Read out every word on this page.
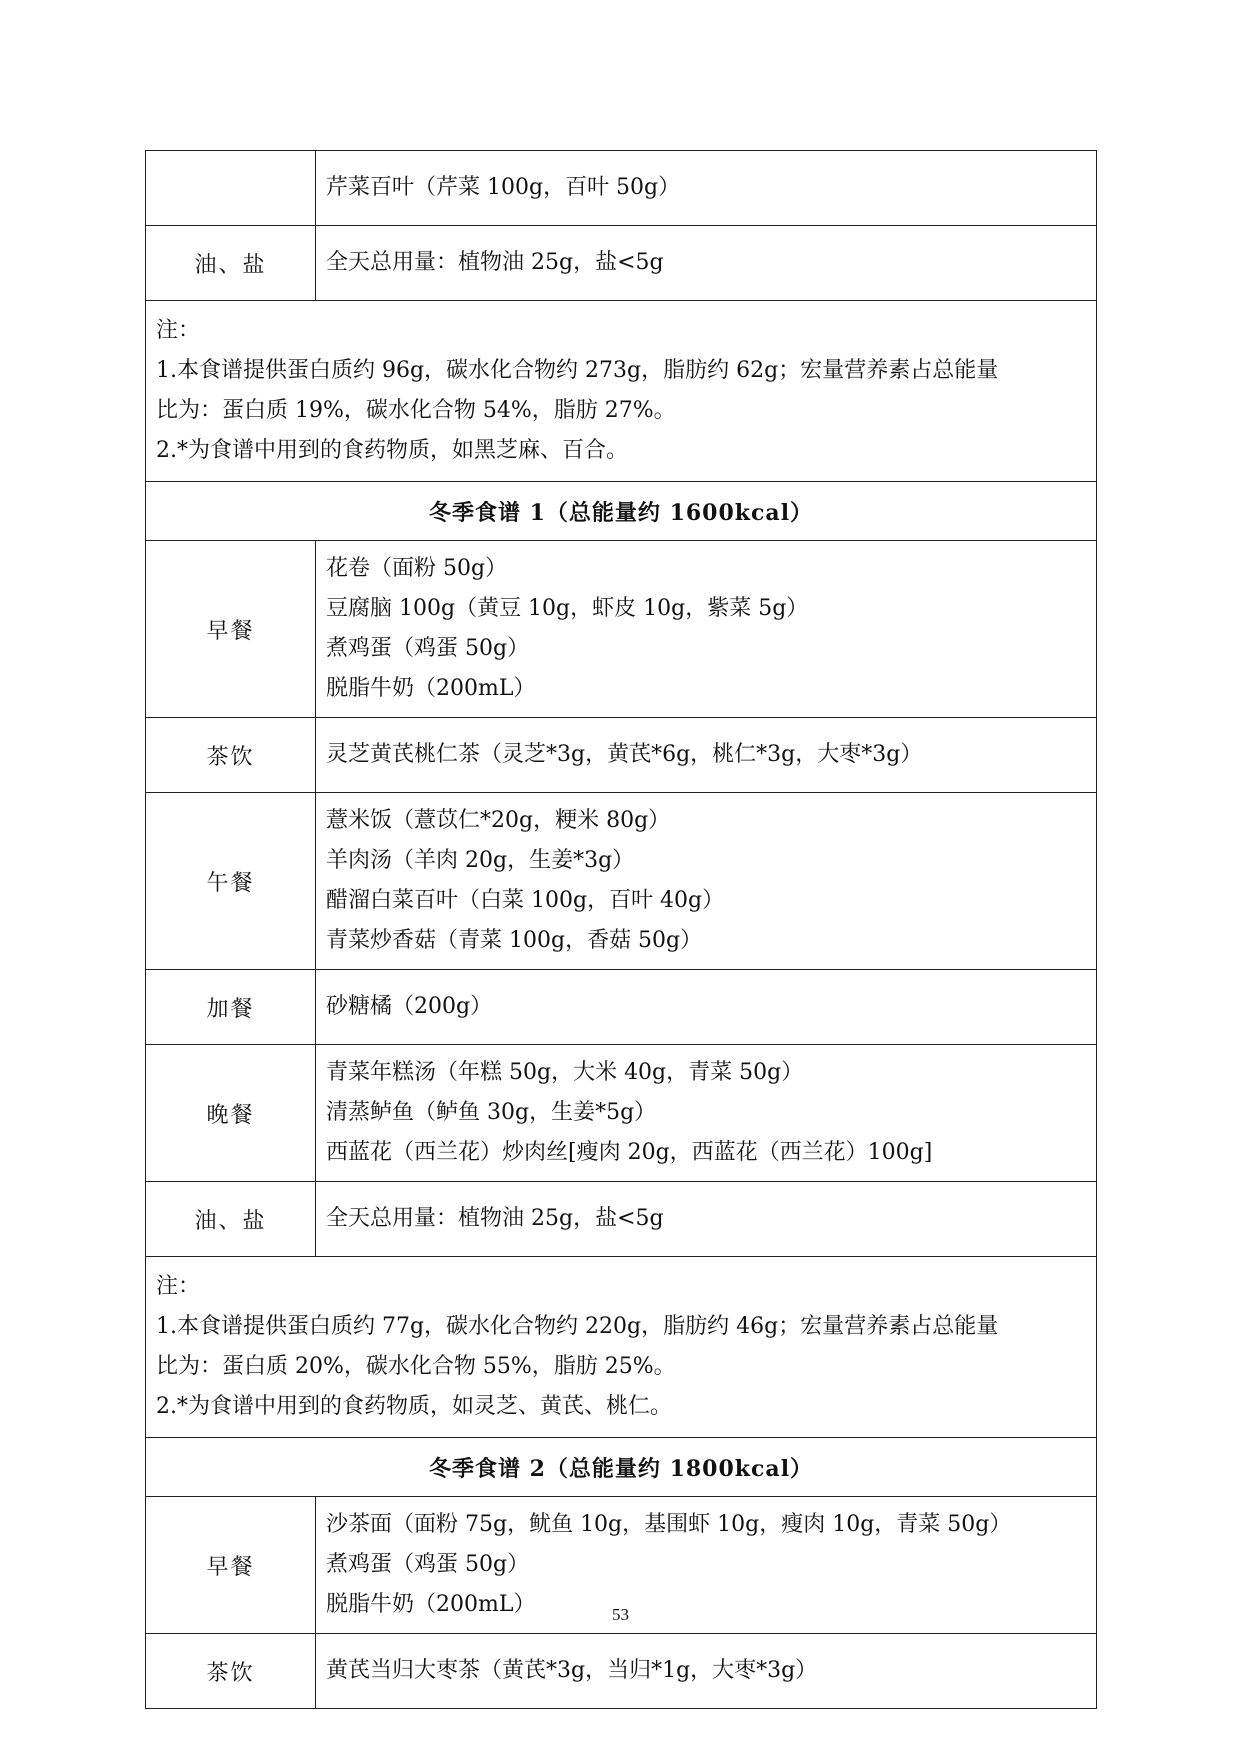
	芹菜百叶（芹菜 100g，百叶 50g）

油、盐	全天总用量：植物油 25g，盐<5g

注：
1.本食谱提供蛋白质约 96g，碳水化合物约 273g，脂肪约 62g；宏量营养素占总能量
比为：蛋白质 19%，碳水化合物 54%，脂肪 27%。
2.*为食谱中用到的食药物质，如黑芝麻、百合。	

冬季食谱 1（总能量约 1600kcal）	
早餐	花卷（面粉 50g）
豆腐脑 100g（黄豆 10g，虾皮 10g，紫菜 5g）
煮鸡蛋（鸡蛋 50g）
脱脂牛奶（200mL）

茶饮	灵芝黄芪桃仁茶（灵芝*3g，黄芪*6g，桃仁*3g，大枣*3g）

午餐	薏米饭（薏苡仁*20g，粳米 80g）
羊肉汤（羊肉 20g，生姜*3g）
醋溜白菜百叶（白菜 100g，百叶 40g）
青菜炒香菇（青菜 100g，香菇 50g）

加餐	砂糖橘（200g）

晚餐	青菜年糕汤（年糕 50g，大米 40g，青菜 50g）
清蒸鲈鱼（鲈鱼 30g，生姜*5g）
西蓝花（西兰花）炒肉丝[瘦肉 20g，西蓝花（西兰花）100g]

油、盐	全天总用量：植物油 25g，盐<5g

注：
1.本食谱提供蛋白质约 77g，碳水化合物约 220g，脂肪约 46g；宏量营养素占总能量
比为：蛋白质 20%，碳水化合物 55%，脂肪 25%。
2.*为食谱中用到的食药物质，如灵芝、黄芪、桃仁。	

冬季食谱 2（总能量约 1800kcal）	
早餐	沙茶面（面粉 75g，鱿鱼 10g，基围虾 10g，瘦肉 10g，青菜 50g）
煮鸡蛋（鸡蛋 50g）
脱脂牛奶（200mL）

茶饮	黄芪当归大枣茶（黄芪*3g，当归*1g，大枣*3g）
53
